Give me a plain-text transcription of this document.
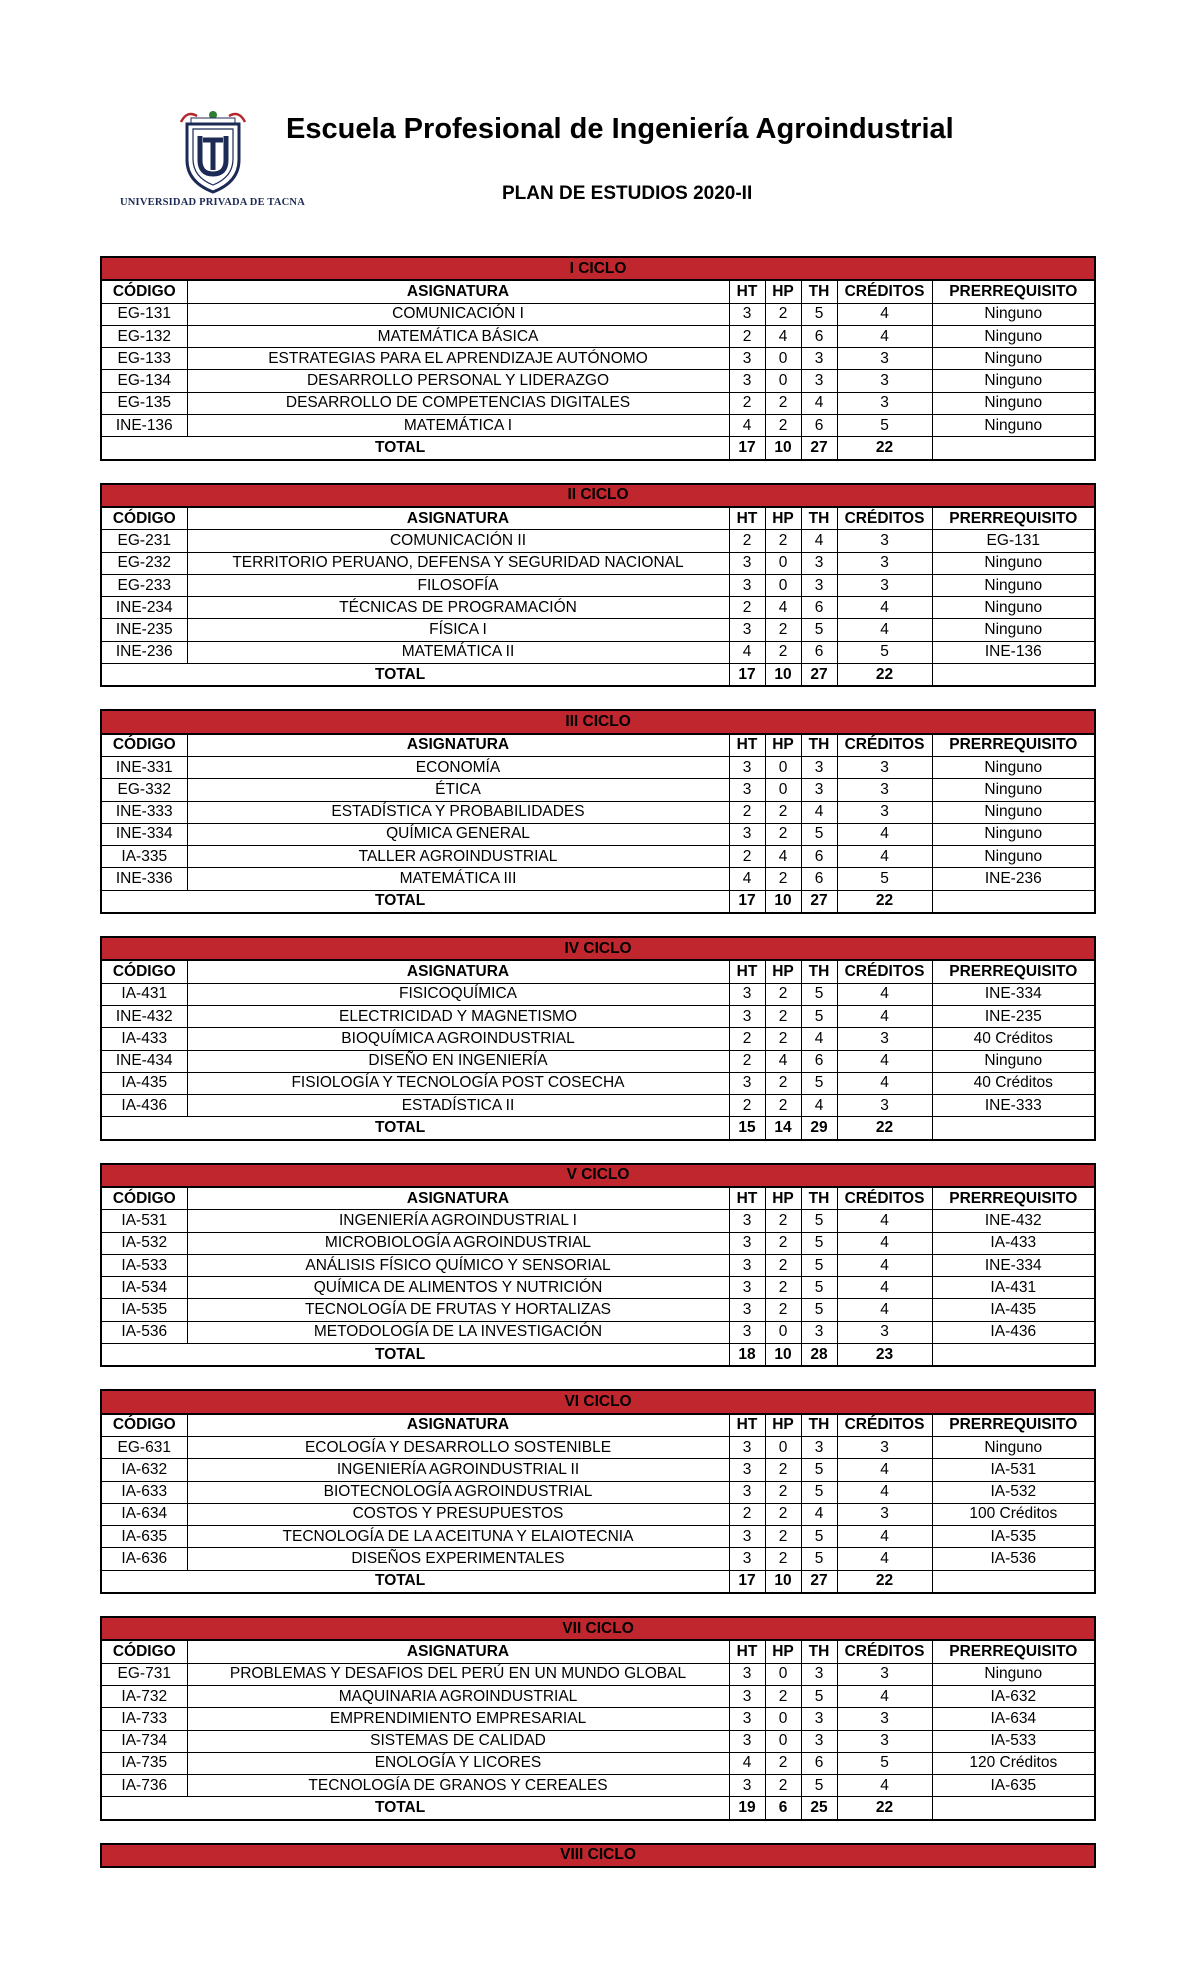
UNIVERSIDAD PRIVADA DE TACNA
Escuela Profesional de Ingeniería Agroindustrial
PLAN DE ESTUDIOS 2020-II
I CICLO						
CÓDIGO	ASIGNATURA	HT	HP	TH	CRÉDITOS	PRERREQUISITO
EG-131	COMUNICACIÓN I	3	2	5	4	Ninguno
EG-132	MATEMÁTICA BÁSICA	2	4	6	4	Ninguno
EG-133	ESTRATEGIAS PARA EL APRENDIZAJE AUTÓNOMO	3	0	3	3	Ninguno
EG-134	DESARROLLO PERSONAL Y LIDERAZGO	3	0	3	3	Ninguno
EG-135	DESARROLLO DE COMPETENCIAS DIGITALES	2	2	4	3	Ninguno
INE-136	MATEMÁTICA I	4	2	6	5	Ninguno
	TOTAL	17	10	27	22	
II CICLO						
CÓDIGO	ASIGNATURA	HT	HP	TH	CRÉDITOS	PRERREQUISITO
EG-231	COMUNICACIÓN II	2	2	4	3	EG-131
EG-232	TERRITORIO PERUANO, DEFENSA Y SEGURIDAD NACIONAL	3	0	3	3	Ninguno
EG-233	FILOSOFÍA	3	0	3	3	Ninguno
INE-234	TÉCNICAS DE PROGRAMACIÓN	2	4	6	4	Ninguno
INE-235	FÍSICA I	3	2	5	4	Ninguno
INE-236	MATEMÁTICA II	4	2	6	5	INE-136
	TOTAL	17	10	27	22	
III CICLO						
CÓDIGO	ASIGNATURA	HT	HP	TH	CRÉDITOS	PRERREQUISITO
INE-331	ECONOMÍA	3	0	3	3	Ninguno
EG-332	ÉTICA	3	0	3	3	Ninguno
INE-333	ESTADÍSTICA Y PROBABILIDADES	2	2	4	3	Ninguno
INE-334	QUÍMICA GENERAL	3	2	5	4	Ninguno
IA-335	TALLER AGROINDUSTRIAL	2	4	6	4	Ninguno
INE-336	MATEMÁTICA III	4	2	6	5	INE-236
	TOTAL	17	10	27	22	
IV CICLO						
CÓDIGO	ASIGNATURA	HT	HP	TH	CRÉDITOS	PRERREQUISITO
IA-431	FISICOQUÍMICA	3	2	5	4	INE-334
INE-432	ELECTRICIDAD Y MAGNETISMO	3	2	5	4	INE-235
IA-433	BIOQUÍMICA AGROINDUSTRIAL	2	2	4	3	40 Créditos
INE-434	DISEÑO EN INGENIERÍA	2	4	6	4	Ninguno
IA-435	FISIOLOGÍA Y TECNOLOGÍA POST COSECHA	3	2	5	4	40 Créditos
IA-436	ESTADÍSTICA II	2	2	4	3	INE-333
	TOTAL	15	14	29	22	
V CICLO						
CÓDIGO	ASIGNATURA	HT	HP	TH	CRÉDITOS	PRERREQUISITO
IA-531	INGENIERÍA AGROINDUSTRIAL I	3	2	5	4	INE-432
IA-532	MICROBIOLOGÍA AGROINDUSTRIAL	3	2	5	4	IA-433
IA-533	ANÁLISIS FÍSICO QUÍMICO Y SENSORIAL	3	2	5	4	INE-334
IA-534	QUÍMICA DE ALIMENTOS Y NUTRICIÓN	3	2	5	4	IA-431
IA-535	TECNOLOGÍA DE FRUTAS Y HORTALIZAS	3	2	5	4	IA-435
IA-536	METODOLOGÍA DE LA INVESTIGACIÓN	3	0	3	3	IA-436
	TOTAL	18	10	28	23	
VI CICLO						
CÓDIGO	ASIGNATURA	HT	HP	TH	CRÉDITOS	PRERREQUISITO
EG-631	ECOLOGÍA Y DESARROLLO SOSTENIBLE	3	0	3	3	Ninguno
IA-632	INGENIERÍA AGROINDUSTRIAL II	3	2	5	4	IA-531
IA-633	BIOTECNOLOGÍA AGROINDUSTRIAL	3	2	5	4	IA-532
IA-634	COSTOS Y PRESUPUESTOS	2	2	4	3	100 Créditos
IA-635	TECNOLOGÍA DE LA ACEITUNA Y ELAIOTECNIA	3	2	5	4	IA-535
IA-636	DISEÑOS EXPERIMENTALES	3	2	5	4	IA-536
	TOTAL	17	10	27	22	
VII CICLO						
CÓDIGO	ASIGNATURA	HT	HP	TH	CRÉDITOS	PRERREQUISITO
EG-731	PROBLEMAS Y DESAFIOS DEL PERÚ EN UN MUNDO GLOBAL	3	0	3	3	Ninguno
IA-732	MAQUINARIA AGROINDUSTRIAL	3	2	5	4	IA-632
IA-733	EMPRENDIMIENTO EMPRESARIAL	3	0	3	3	IA-634
IA-734	SISTEMAS DE CALIDAD	3	0	3	3	IA-533
IA-735	ENOLOGÍA Y LICORES	4	2	6	5	120 Créditos
IA-736	TECNOLOGÍA DE GRANOS Y CEREALES	3	2	5	4	IA-635
	TOTAL	19	6	25	22	
VIII CICLO
